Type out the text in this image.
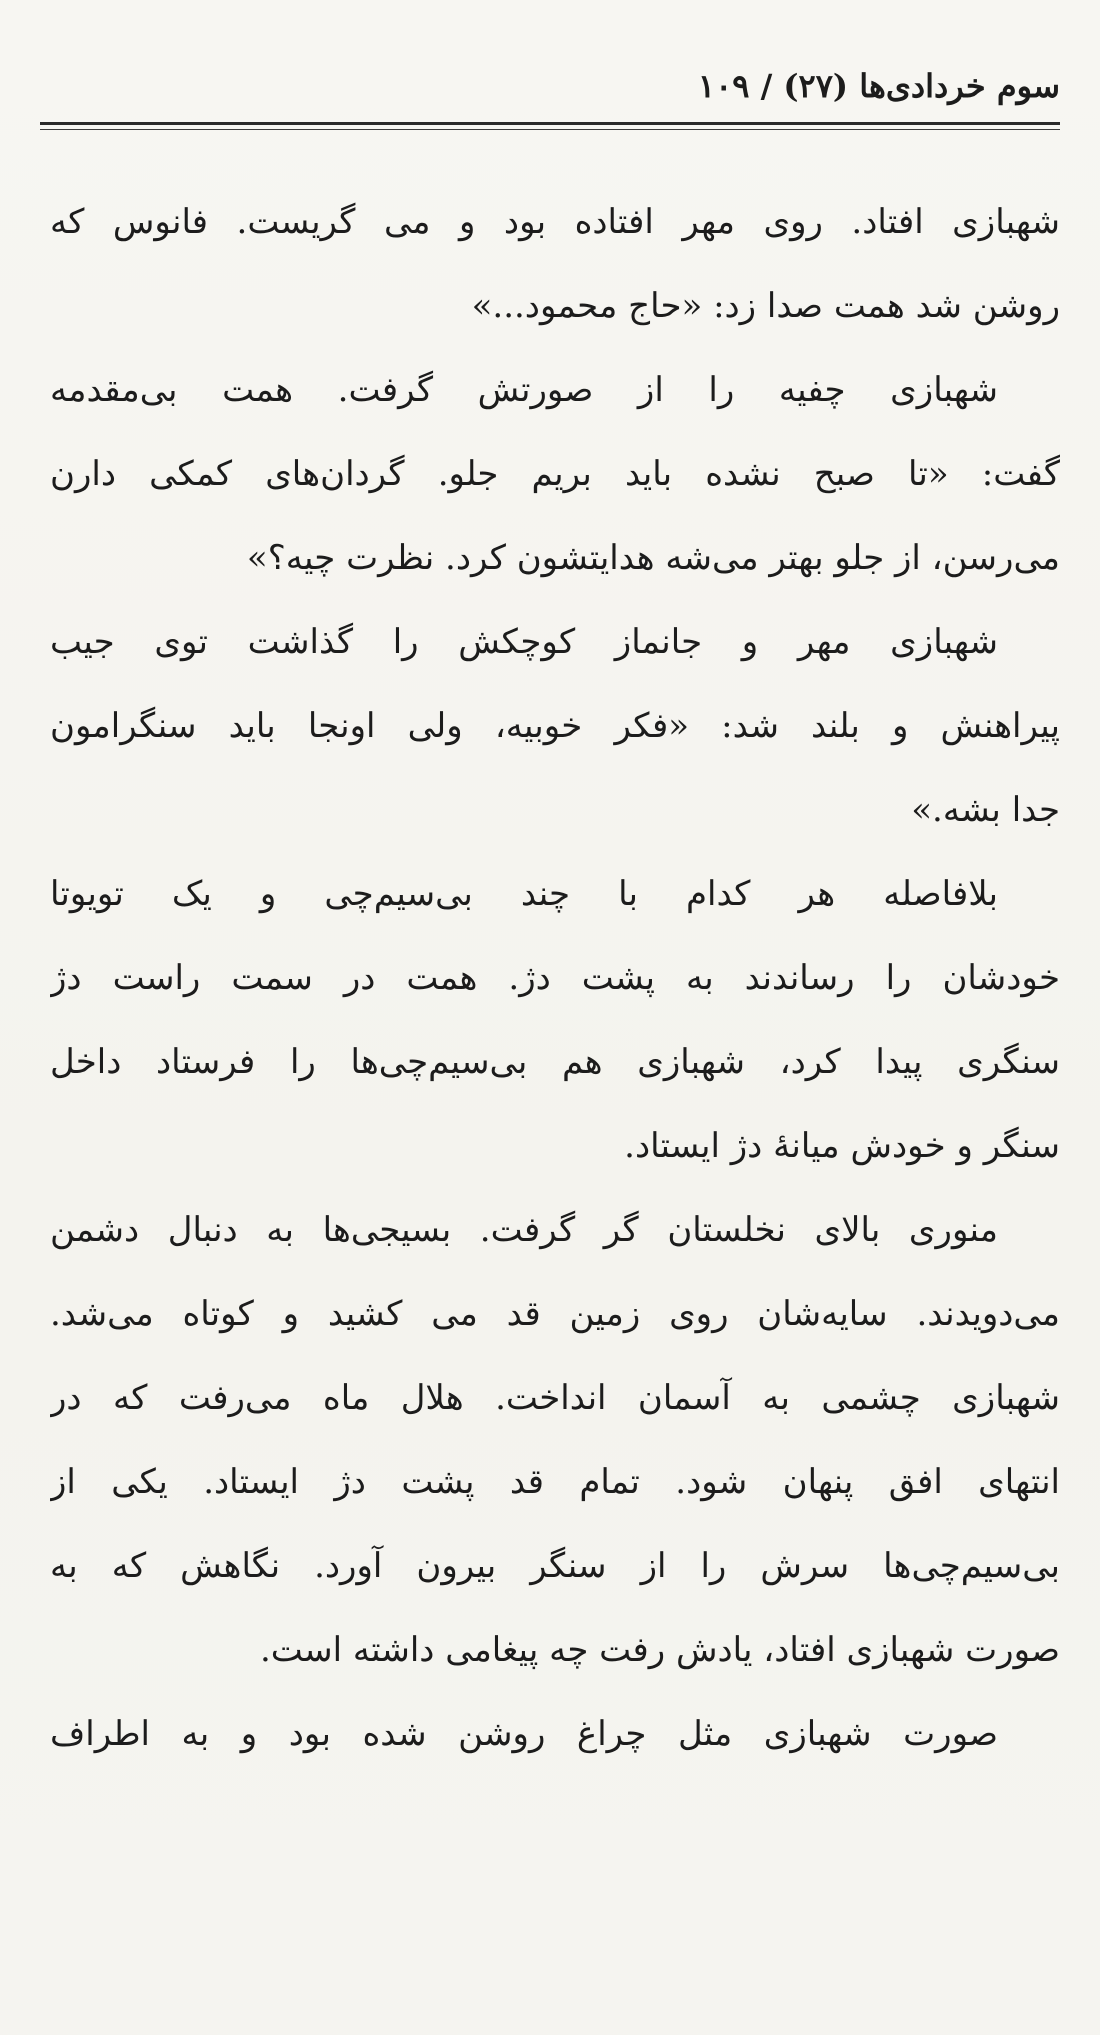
سوم خردادی‌ها (۲۷) / ۱۰۹
شهبازی افتاد. روی مهر افتاده بود و می گریست. فانوس که
روشن شد همت صدا زد: «حاج محمود...»
شهبازی چفیه را از صورتش گرفت. همت بی‌مقدمه
گفت: «تا صبح نشده باید بریم جلو. گردان‌های کمکی دارن
می‌رسن، از جلو بهتر می‌شه هدایتشون کرد. نظرت چیه؟»
شهبازی مهر و جانماز کوچکش را گذاشت توی جیب
پیراهنش و بلند شد: «فکر خوبیه، ولی اونجا باید سنگرامون
جدا بشه.»
بلافاصله هر کدام با چند بی‌سیم‌چی و یک تویوتا
خودشان را رساندند به پشت دژ. همت در سمت راست دژ
سنگری پیدا کرد، شهبازی هم بی‌سیم‌چی‌ها را فرستاد داخل
سنگر و خودش میانهٔ دژ ایستاد.
منوری بالای نخلستان گر گرفت. بسیجی‌ها به دنبال دشمن
می‌دویدند. سایه‌شان روی زمین قد می کشید و کوتاه می‌شد.
شهبازی چشمی به آسمان انداخت. هلال ماه می‌رفت که در
انتهای افق پنهان شود. تمام قد پشت دژ ایستاد. یکی از
بی‌سیم‌چی‌ها سرش را از سنگر بیرون آورد. نگاهش که به
صورت شهبازی افتاد، یادش رفت چه پیغامی داشته است.
صورت شهبازی مثل چراغ روشن شده بود و به اطراف
